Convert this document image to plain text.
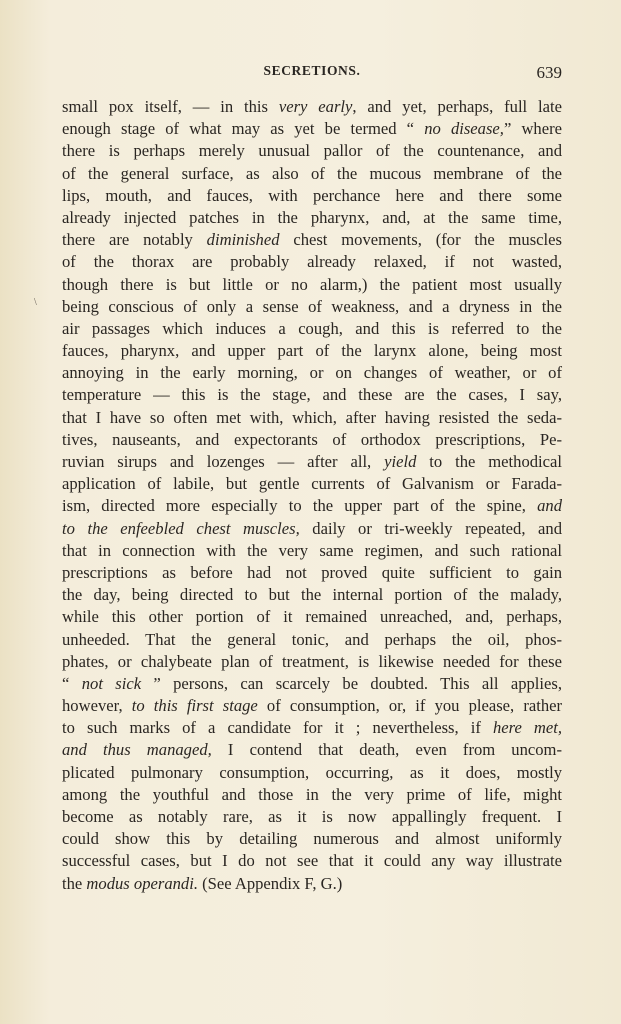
SECRETIONS.	639
\
small pox itself, — in this very early, and yet, perhaps, full late
enough stage of what may as yet be termed “ no disease,” where
there is perhaps merely unusual pallor of the countenance, and
of the general surface, as also of the mucous membrane of the
lips, mouth, and fauces, with perchance here and there some
already injected patches in the pharynx, and, at the same time,
there are notably diminished chest movements, (for the muscles
of the thorax are probably already relaxed, if not wasted,
though there is but little or no alarm,) the patient most usually
being conscious of only a sense of weakness, and a dryness in the
air passages which induces a cough, and this is referred to the
fauces, pharynx, and upper part of the larynx alone, being most
annoying in the early morning, or on changes of weather, or of
temperature — this is the stage, and these are the cases, I say,
that I have so often met with, which, after having resisted the seda-
tives, nauseants, and expectorants of orthodox prescriptions, Pe-
ruvian sirups and lozenges — after all, yield to the methodical
application of labile, but gentle currents of Galvanism or Farada-
ism, directed more especially to the upper part of the spine, and
to the enfeebled chest muscles, daily or tri-weekly repeated, and
that in connection with the very same regimen, and such rational
prescriptions as before had not proved quite sufficient to gain
the day, being directed to but the internal portion of the malady,
while this other portion of it remained unreached, and, perhaps,
unheeded. That the general tonic, and perhaps the oil, phos-
phates, or chalybeate plan of treatment, is likewise needed for these
“ not sick ” persons, can scarcely be doubted. This all applies,
however, to this first stage of consumption, or, if you please, rather
to such marks of a candidate for it ; nevertheless, if here met,
and thus managed, I contend that death, even from uncom-
plicated pulmonary consumption, occurring, as it does, mostly
among the youthful and those in the very prime of life, might
become as notably rare, as it is now appallingly frequent. I
could show this by detailing numerous and almost uniformly
successful cases, but I do not see that it could any way illustrate
the modus operandi. (See Appendix F, G.)
